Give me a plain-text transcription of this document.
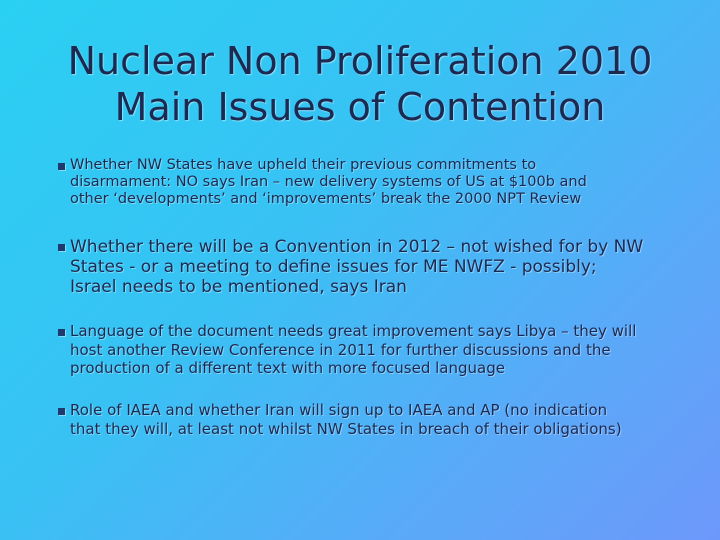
Nuclear Non Proliferation 2010
Main Issues of Contention
Whether NW States have upheld their previous commitments to
disarmament: NO says Iran – new delivery systems of US at $100b and
other ‘developments’ and ‘improvements’ break the 2000 NPT Review
Whether there will be a Convention in 2012 – not wished for by NW
States - or a meeting to define issues for ME NWFZ - possibly;
Israel needs to be mentioned, says Iran
Language of the document needs great improvement says Libya – they will
host another Review Conference in 2011 for further discussions and the
production of a different text with more focused language
Role of IAEA and whether Iran will sign up to IAEA and AP (no indication
that they will, at least not whilst NW States in breach of their obligations)
